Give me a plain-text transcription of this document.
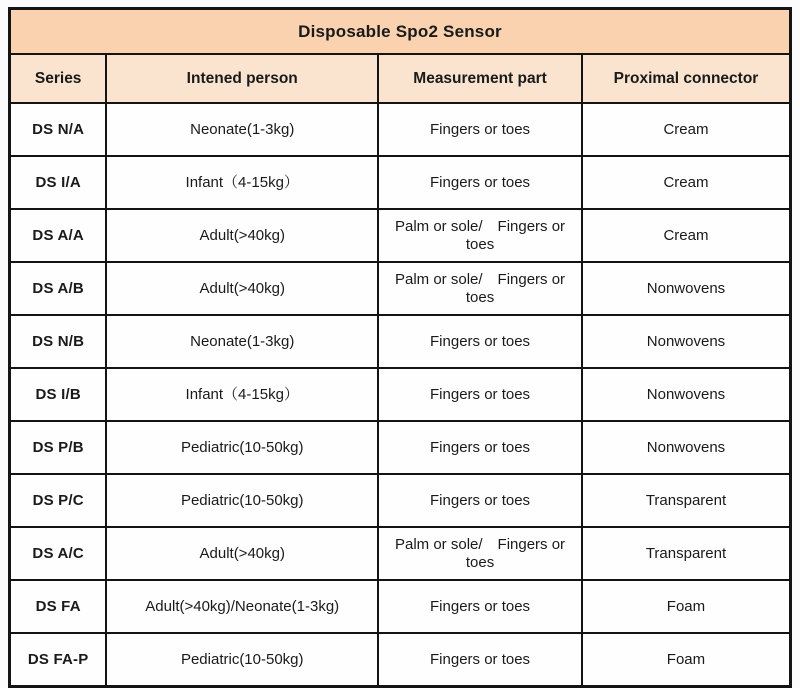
Disposable Spo2 Sensor			
Series	Intened person	Measurement part	Proximal connector
DS N/A	Neonate(1-3kg)	Fingers or toes	Cream
DS I/A	Infant（4-15kg）	Fingers or toes	Cream
DS A/A	Adult(>40kg)	Palm or sole/　Fingers or toes	Cream
DS A/B	Adult(>40kg)	Palm or sole/　Fingers or toes	Nonwovens
DS N/B	Neonate(1-3kg)	Fingers or toes	Nonwovens
DS I/B	Infant（4-15kg）	Fingers or toes	Nonwovens
DS P/B	Pediatric(10-50kg)	Fingers or toes	Nonwovens
DS P/C	Pediatric(10-50kg)	Fingers or toes	Transparent
DS A/C	Adult(>40kg)	Palm or sole/　Fingers or toes	Transparent
DS FA	Adult(>40kg)/Neonate(1-3kg)	Fingers or toes	Foam
DS FA-P	Pediatric(10-50kg)	Fingers or toes	Foam
